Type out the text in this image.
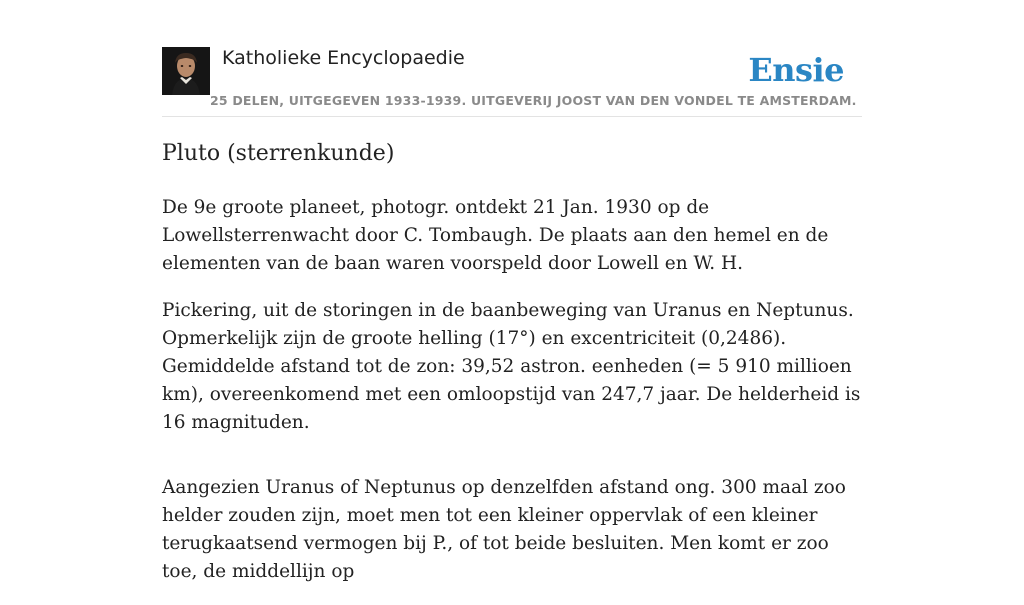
Katholieke Encyclopaedie
25 DELEN, UITGEGEVEN 1933-1939. UITGEVERIJ JOOST VAN DEN VONDEL TE AMSTERDAM.
Ensie
Pluto (sterrenkunde)

De 9e groote planeet, photogr. ontdekt 21 Jan. 1930 op de Lowellsterrenwacht door C. Tombaugh. De plaats aan den hemel en de elementen van de baan waren voorspeld door Lowell en W. H.

Pickering, uit de storingen in de baanbeweging van Uranus en Neptunus. Opmerkelijk zijn de groote helling (17°) en excentriciteit (0,2486). Gemiddelde afstand tot de zon: 39,52 astron. eenheden (= 5 910 millioen km), overeenkomend met een omloopstijd van 247,7 jaar. De helderheid is 16 magnituden.

Aangezien Uranus of Neptunus op denzelfden afstand ong. 300 maal zoo helder zouden zijn, moet men tot een kleiner oppervlak of een kleiner terugkaatsend vermogen bij P., of tot beide besluiten. Men komt er zoo toe, de middellijn op
